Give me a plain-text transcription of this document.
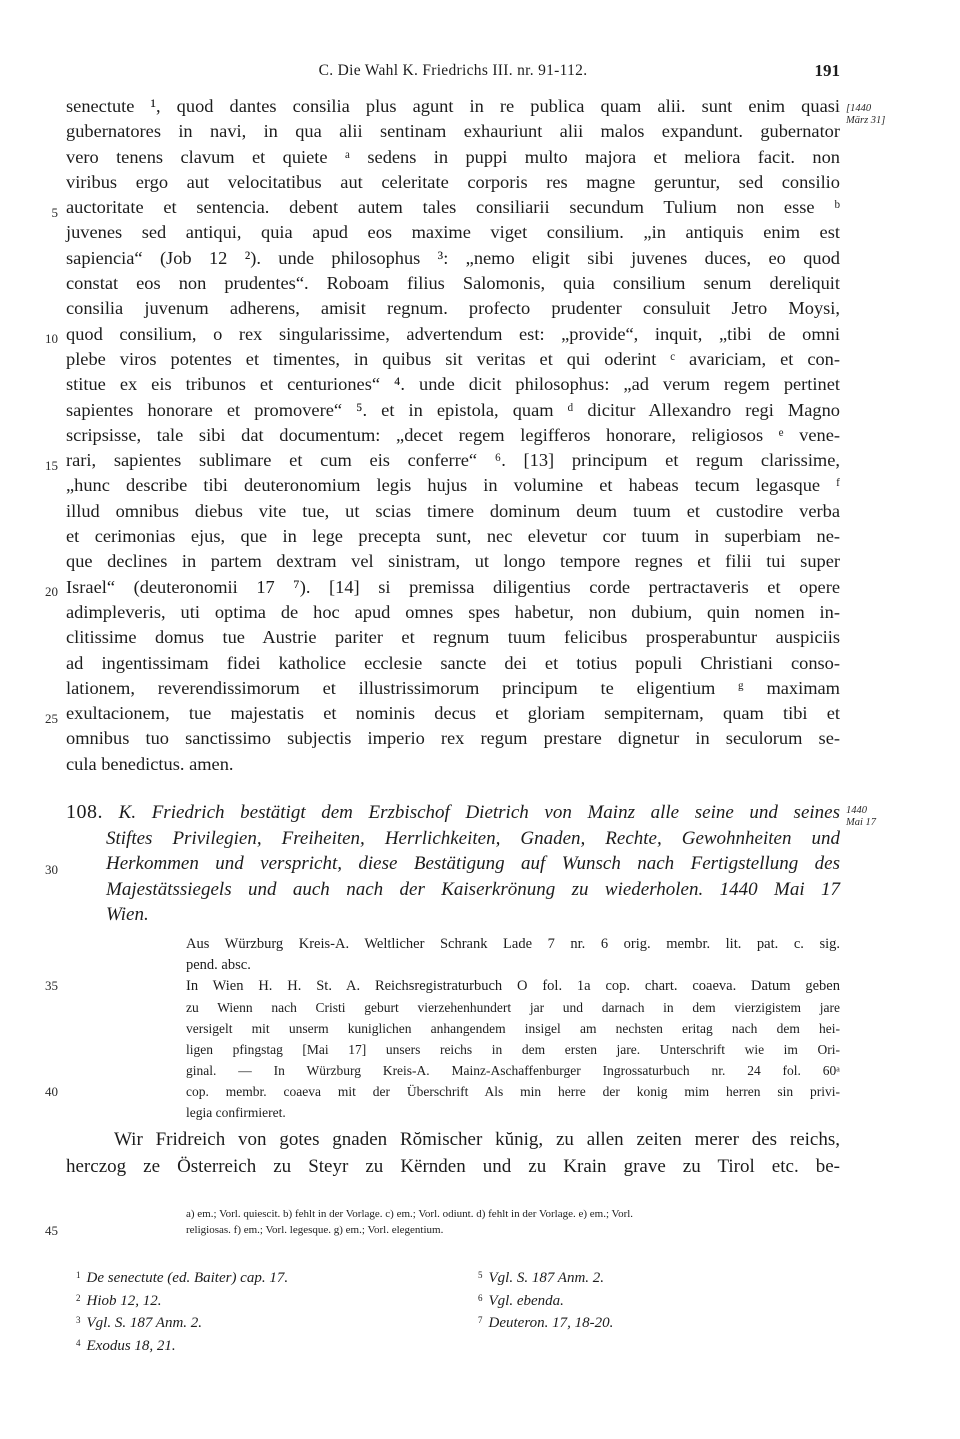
C. Die Wahl K. Friedrichs III. nr. 91-112.	191
[1440
März 31]
senectute ¹, quod dantes consilia plus agunt in re publica quam alii. sunt enim quasi
gubernatores in navi, in qua alii sentinam exhauriunt alii malos expandunt. gubernator
vero tenens clavum et quiete ᵃ sedens in puppi multo majora et meliora facit. non
viribus ergo aut velocitatibus aut celeritate corporis res magne geruntur, sed consilio
auctoritate et sentencia. debent autem tales consiliarii secundum Tulium non esse ᵇ
juvenes sed antiqui, quia apud eos maxime viget consilium. „in antiquis enim est
sapiencia“ (Job 12 ²). unde philosophus ³: „nemo eligit sibi juvenes duces, eo quod
constat eos non prudentes“. Roboam filius Salomonis, quia consilium senum dereliquit
consilia juvenum adherens, amisit regnum. profecto prudenter consuluit Jetro Moysi,
quod consilium, o rex singularissime, advertendum est: „provide“, inquit, „tibi de omni
plebe viros potentes et timentes, in quibus sit veritas et qui oderint ᶜ avariciam, et con-
stitue ex eis tribunos et centuriones“ ⁴. unde dicit philosophus: „ad verum regem pertinet
sapientes honorare et promovere“ ⁵. et in epistola, quam ᵈ dicitur Allexandro regi Magno
scripsisse, tale sibi dat documentum: „decet regem legifferos honorare, religiosos ᵉ vene-
rari, sapientes sublimare et cum eis conferre“ ⁶. [13] principum et regum clarissime,
„hunc describe tibi deuteronomium legis hujus in volumine et habeas tecum legasque ᶠ
illud omnibus diebus vite tue, ut scias timere dominum deum tuum et custodire verba
et cerimonias ejus, que in lege precepta sunt, nec elevetur cor tuum in superbiam ne-
que declines in partem dextram vel sinistram, ut longo tempore regnes et filii tui super
Israel“ (deuteronomii 17 ⁷). [14] si premissa diligentius corde pertractaveris et opere
adimpleveris, uti optima de hoc apud omnes spes habetur, non dubium, quin nomen in-
clitissime domus tue Austrie pariter et regnum tuum felicibus prosperabuntur auspiciis
ad ingentissimam fidei katholice ecclesie sancte dei et totius populi Christiani conso-
lationem, reverendissimorum et illustrissimorum principum te eligentium ᵍ maximam
exultacionem, tue majestatis et nominis decus et gloriam sempiternam, quam tibi et
omnibus tuo sanctissimo subjectis imperio rex regum prestare dignetur in seculorum se-
cula benedictus. amen.
5
10
15
20
25
30
35
40
45
1440
Mai 17
108. K. Friedrich bestätigt dem Erzbischof Dietrich von Mainz alle seine und seines
Stiftes Privilegien, Freiheiten, Herrlichkeiten, Gnaden, Rechte, Gewohnheiten und
Herkommen und verspricht, diese Bestätigung auf Wunsch nach Fertigstellung des
Majestätssiegels und auch nach der Kaiserkrönung zu wiederholen. 1440 Mai 17
Wien.
Aus Würzburg Kreis-A. Weltlicher Schrank Lade 7 nr. 6 orig. membr. lit. pat. c. sig.
pend. absc.
In Wien H. H. St. A. Reichsregistraturbuch O fol. 1a cop. chart. coaeva. Datum geben
zu Wienn nach Cristi geburt vierzehenhundert jar und darnach in dem vierzigistem jare
versigelt mit unserm kuniglichen anhangendem insigel am nechsten eritag nach dem hei-
ligen pfingstag [Mai 17] unsers reichs in dem ersten jare. Unterschrift wie im Ori-
ginal. — In Würzburg Kreis-A. Mainz-Aschaffenburger Ingrossaturbuch nr. 24 fol. 60ᵃ
cop. membr. coaeva mit der Überschrift Als min herre der konig mim herren sin privi-
legia confirmieret.
Wir Fridreich von gotes gnaden Rŏmischer kŭnig, zu allen zeiten merer des reichs,
herczog ze Österreich zu Steyr zu Kërnden und zu Krain grave zu Tirol etc. be-
a) em.; Vorl. quiescit. b) fehlt in der Vorlage. c) em.; Vorl. odiunt. d) fehlt in der Vorlage. e) em.; Vorl.
religiosas. f) em.; Vorl. legesque. g) em.; Vorl. elegentium.
$^1$ De senectute (ed. Baiter) cap. 17.
$^2$ Hiob 12, 12.
$^3$ Vgl. S. 187 Anm. 2.
$^4$ Exodus 18, 21.
$^5$ Vgl. S. 187 Anm. 2.
$^6$ Vgl. ebenda.
$^7$ Deuteron. 17, 18-20.
